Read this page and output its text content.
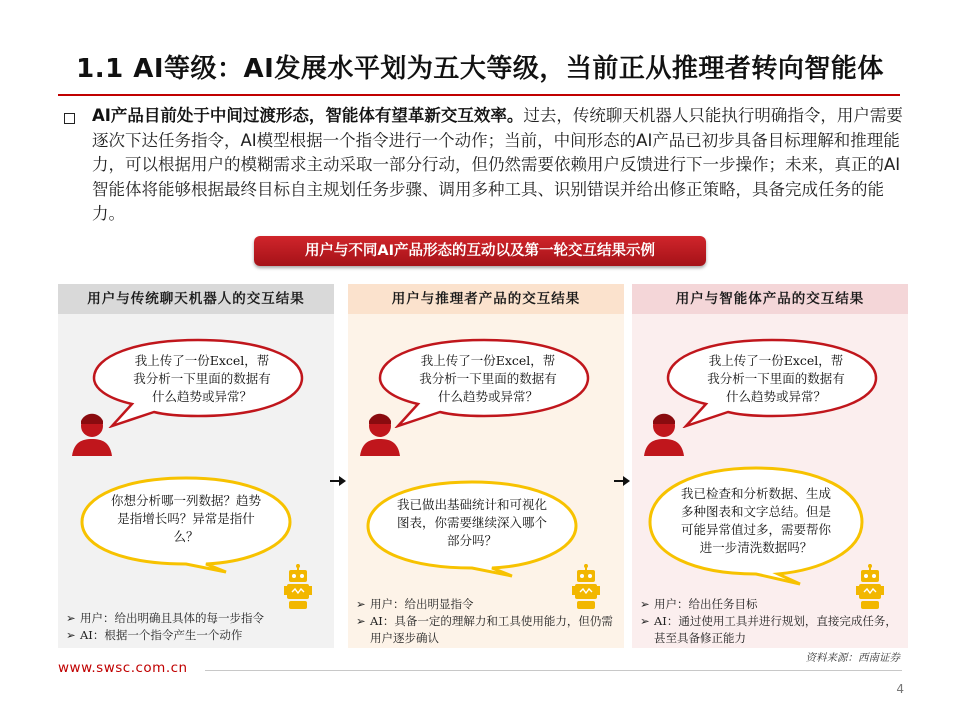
1.1 AI等级：AI发展水平划为五大等级，当前正从推理者转向智能体
AI产品目前处于中间过渡形态，智能体有望革新交互效率。过去，传统聊天机器人只能执行明确指令，用户需要逐次下达任务指令，AI模型根据一个指令进行一个动作；当前，中间形态的AI产品已初步具备目标理解和推理能力，可以根据用户的模糊需求主动采取一部分行动，但仍然需要依赖用户反馈进行下一步操作；未来，真正的AI智能体将能够根据最终目标自主规划任务步骤、调用多种工具、识别错误并给出修正策略，具备完成任务的能力。
用户与不同AI产品形态的互动以及第一轮交互结果示例
用户与传统聊天机器人的交互结果
我上传了一份Excel，帮我分析一下里面的数据有什么趋势或异常？
你想分析哪一列数据？趋势是指增长吗？异常是指什么？
➢ 用户：给出明确且具体的每一步指令
➢ AI：根据一个指令产生一个动作
用户与推理者产品的交互结果
我上传了一份Excel，帮我分析一下里面的数据有什么趋势或异常？
我已做出基础统计和可视化图表，你需要继续深入哪个部分吗？
➢ 用户：给出明显指令
➢ AI：具备一定的理解力和工具使用能力，但仍需用户逐步确认
用户与智能体产品的交互结果
我上传了一份Excel，帮我分析一下里面的数据有什么趋势或异常？
我已检查和分析数据、生成多种图表和文字总结。但是可能异常值过多，需要帮你进一步清洗数据吗？
➢ 用户：给出任务目标
➢ AI：通过使用工具并进行规划，直接完成任务，甚至具备修正能力
资料来源：西南证券
www.swsc.com.cn
4
